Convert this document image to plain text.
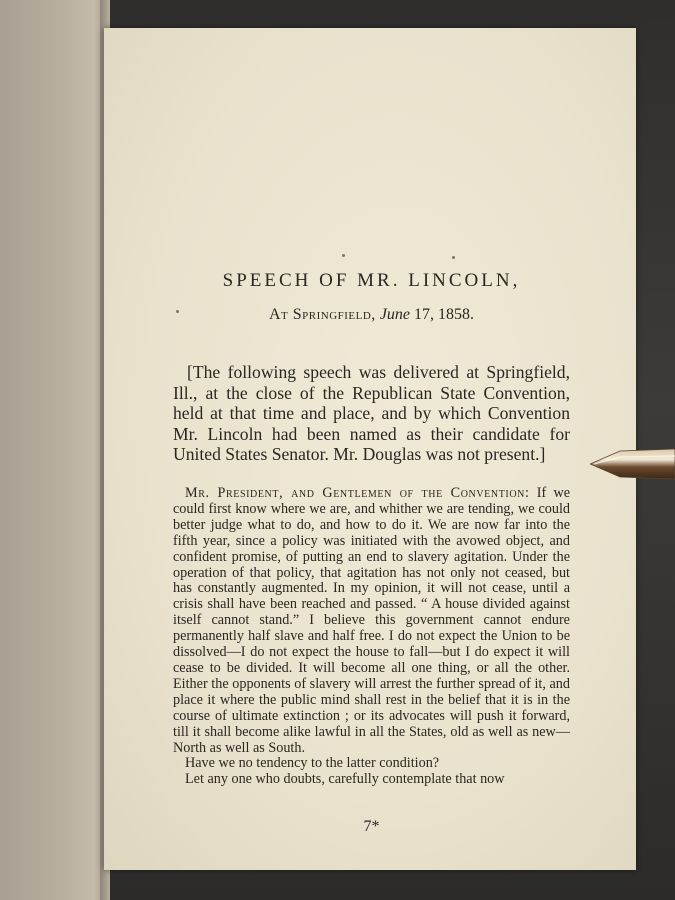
SPEECH OF MR. LINCOLN,
At Springfield, June 17, 1858.

[The following speech was delivered at Springfield, Ill., at the close of the Republican State Convention, held at that time and place, and by which Convention Mr. Lincoln had been named as their candidate for United States Senator. Mr. Douglas was not present.]

Mr. President, and Gentlemen of the Convention: If we could first know where we are, and whither we are tending, we could better judge what to do, and how to do it. We are now far into the fifth year, since a policy was initiated with the avowed object, and confident promise, of putting an end to slavery agitation. Under the operation of that policy, that agitation has not only not ceased, but has constantly augmented. In my opinion, it will not cease, until a crisis shall have been reached and passed. “ A house divided against itself cannot stand.” I believe this government cannot endure permanently half slave and half free. I do not expect the Union to be dissolved—I do not expect the house to fall—but I do expect it will cease to be divided. It will become all one thing, or all the other. Either the opponents of slavery will arrest the further spread of it, and place it where the public mind shall rest in the belief that it is in the course of ultimate extinction ; or its advocates will push it forward, till it shall become alike lawful in all the States, old as well as new—North as well as South.

Have we no tendency to the latter condition?
Let any one who doubts, carefully contemplate that now
7*
